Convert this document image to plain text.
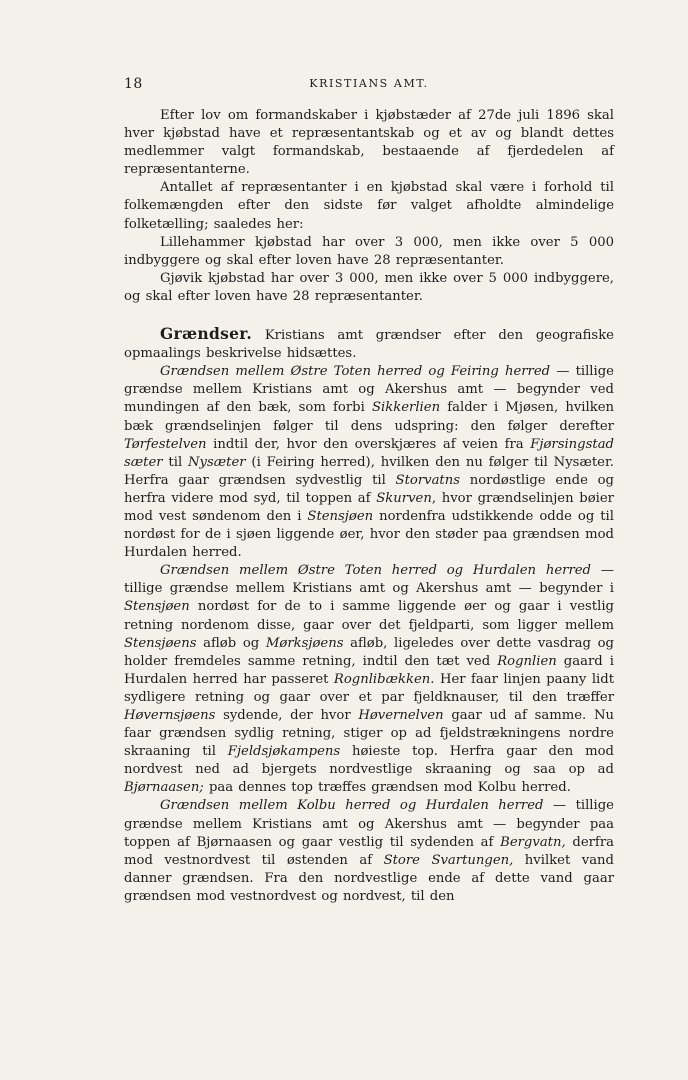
18	KRISTIANS AMT.

Efter lov om formandskaber i kjøbstæder af 27de juli 1896 skal hver kjøbstad have et repræsentantskab og et av og blandt dettes medlemmer valgt formandskab, bestaaende af fjerdedelen af repræsentanterne.

Antallet af repræsentanter i en kjøbstad skal være i forhold til folkemængden efter den sidste før valget afholdte almindelige folketælling; saaledes her:

Lillehammer kjøbstad har over 3 000, men ikke over 5 000 indbyggere og skal efter loven have 28 repræsentanter.

Gjøvik kjøbstad har over 3 000, men ikke over 5 000 indbyggere, og skal efter loven have 28 repræsentanter.

Grændser. Kristians amt grændser efter den geografiske opmaalings beskrivelse hidsættes.

Grændsen mellem Østre Toten herred og Feiring herred — tillige grændse mellem Kristians amt og Akershus amt — begynder ved mundingen af den bæk, som forbi Sikkerlien falder i Mjøsen, hvilken bæk grændselinjen følger til dens udspring: den følger derefter Tørfestelven indtil der, hvor den overskjæres af veien fra Fjørsingstad sæter til Nysæter (i Feiring herred), hvilken den nu følger til Nysæter. Herfra gaar grændsen sydvestlig til Storvatns nordøstlige ende og herfra videre mod syd, til toppen af Skurven, hvor grændselinjen bøier mod vest søndenom den i Stensjøen nordenfra udstikkende odde og til nordøst for de i sjøen liggende øer, hvor den støder paa grændsen mod Hurdalen herred.

Grændsen mellem Østre Toten herred og Hurdalen herred — tillige grændse mellem Kristians amt og Akershus amt — begynder i Stensjøen nordøst for de to i samme liggende øer og gaar i vestlig retning nordenom disse, gaar over det fjeldparti, som ligger mellem Stensjøens afløb og Mørksjøens afløb, ligeledes over dette vasdrag og holder fremdeles samme retning, indtil den tæt ved Rognlien gaard i Hurdalen herred har passeret Rognlibækken. Her faar linjen paany lidt sydligere retning og gaar over et par fjeldknauser, til den træffer Høvernsjøens sydende, der hvor Høvernelven gaar ud af samme. Nu faar grændsen sydlig retning, stiger op ad fjeldstrækningens nordre skraaning til Fjeldsjøkampens høieste top. Herfra gaar den mod nordvest ned ad bjergets nordvestlige skraaning og saa op ad Bjørnaasen; paa dennes top træffes grændsen mod Kolbu herred.

Grændsen mellem Kolbu herred og Hurdalen herred — tillige grændse mellem Kristians amt og Akershus amt — begynder paa toppen af Bjørnaasen og gaar vestlig til sydenden af Bergvatn, derfra mod vestnordvest til østenden af Store Svartungen, hvilket vand danner grændsen. Fra den nordvestlige ende af dette vand gaar grændsen mod vestnordvest og nordvest, til den
